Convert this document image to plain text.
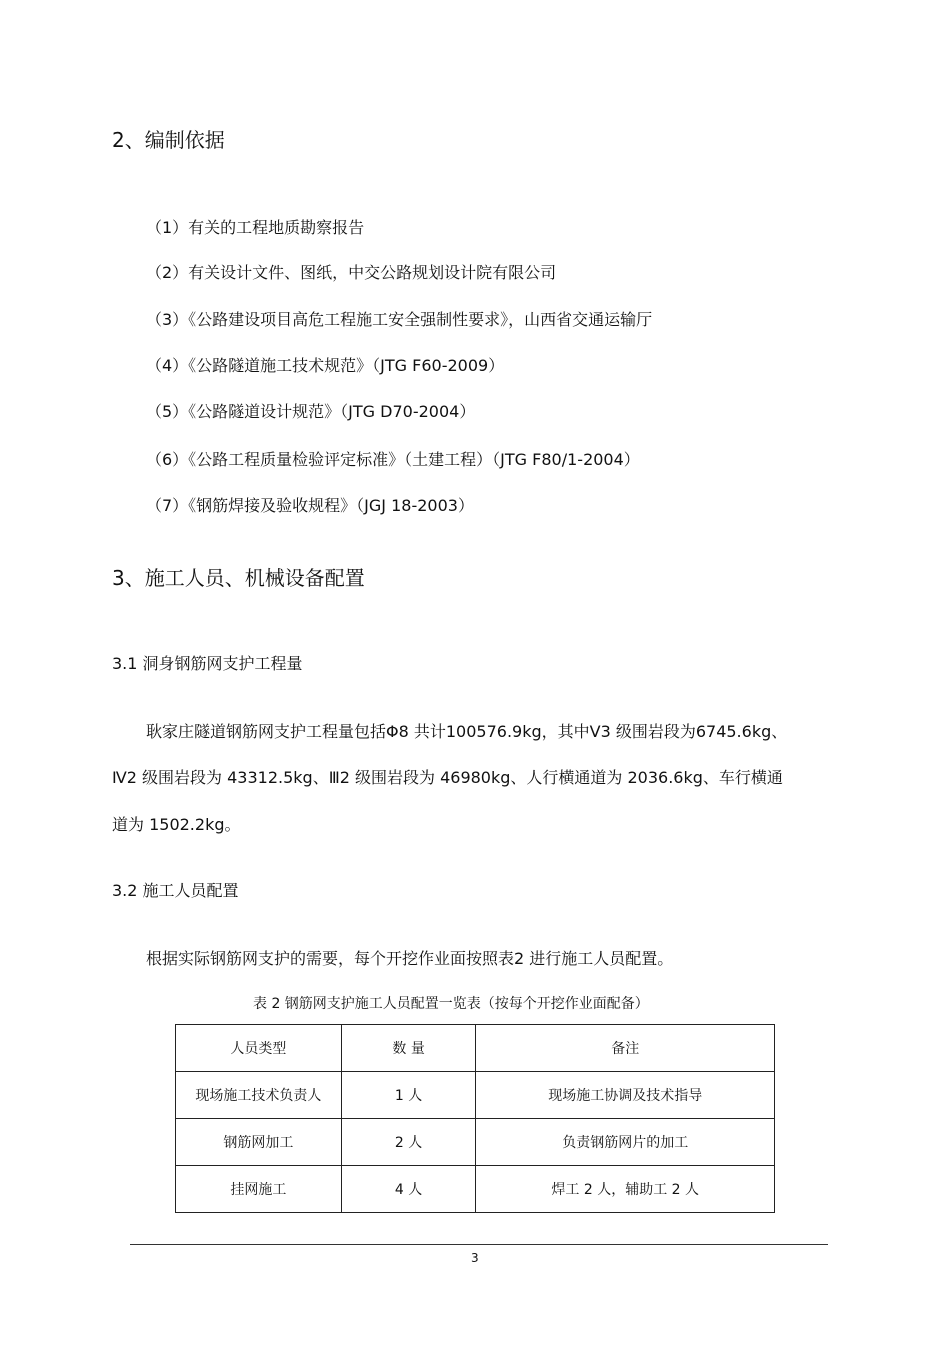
2、编制依据
（1）有关的工程地质勘察报告
（2）有关设计文件、图纸，中交公路规划设计院有限公司
（3）《公路建设项目高危工程施工安全强制性要求》，山西省交通运输厅
（4）《公路隧道施工技术规范》（JTG F60-2009）
（5）《公路隧道设计规范》（JTG D70-2004）
（6）《公路工程质量检验评定标准》（土建工程）（JTG F80/1-2004）
（7）《钢筋焊接及验收规程》（JGJ 18-2003）
3、施工人员、机械设备配置
3.1 洞身钢筋网支护工程量
耿家庄隧道钢筋网支护工程量包括Φ8 共计100576.9kg，其中Ⅴ3 级围岩段为6745.6kg、
Ⅳ2 级围岩段为 43312.5kg、Ⅲ2 级围岩段为 46980kg、人行横通道为 2036.6kg、车行横通
道为 1502.2kg。
3.2 施工人员配置
根据实际钢筋网支护的需要，每个开挖作业面按照表2 进行施工人员配置。
表 2 钢筋网支护施工人员配置一览表（按每个开挖作业面配备）
人员类型	数 量	备注
现场施工技术负责人	1 人	现场施工协调及技术指导
钢筋网加工	2 人	负责钢筋网片的加工
挂网施工	4 人	焊工 2 人，辅助工 2 人
3
